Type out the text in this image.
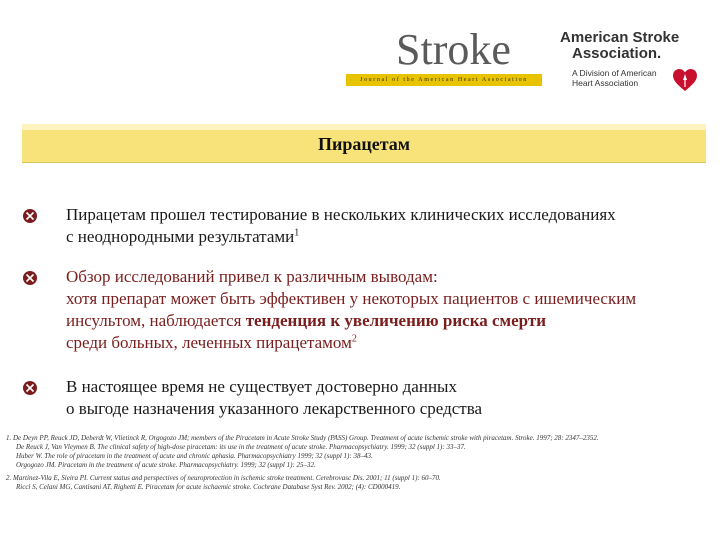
Stroke
Journal of the American Heart Association
American Stroke
Association.
A Division of American Heart Association
Пирацетам
Пирацетам прошел тестирование в нескольких клинических исследованиях
с неоднородными результатами$^1$
Обзор исследований привел к различным выводам:
хотя препарат может быть эффективен у некоторых пациентов с ишемическим
инсультом, наблюдается тенденция к увеличению риска смерти
среди больных, леченных пирацетамом$^2$
В настоящее время не существует достоверно данных
о выгоде назначения указанного лекарственного средства
1. De Deyn PP, Reuck JD, Deberdt W, Vlietinck R, Orgogozo JM; members of the Piracetam in Acute Stroke Study (PASS) Group. Treatment of acute ischemic stroke with piracetam. Stroke. 1997; 28: 2347–2352.
De Reuck J, Van Vleymen B. The clinical safety of high-dose piracetam: its use in the treatment of acute stroke. Pharmacopsychiatry. 1999; 32 (suppl 1): 33–37.
Huber W. The role of piracetam in the treatment of acute and chronic aphasia. Pharmacopsychiatry 1999; 32 (suppl 1): 38–43.
Orgogozo JM. Piracetam in the treatment of acute stroke. Pharmacopsychiatry. 1999; 32 (suppl 1): 25–32.
2. Martinez-Vila E, Sieira PI. Current status and perspectives of neuroprotection in ischemic stroke treatment. Cerebrovasc Dis. 2001; 11 (suppl 1): 60–70.
Ricci S, Celani MG, Cantisani AT, Righetti E. Piracetam for acute ischaemic stroke. Cochrane Database Syst Rev. 2002; (4): CD000419.
